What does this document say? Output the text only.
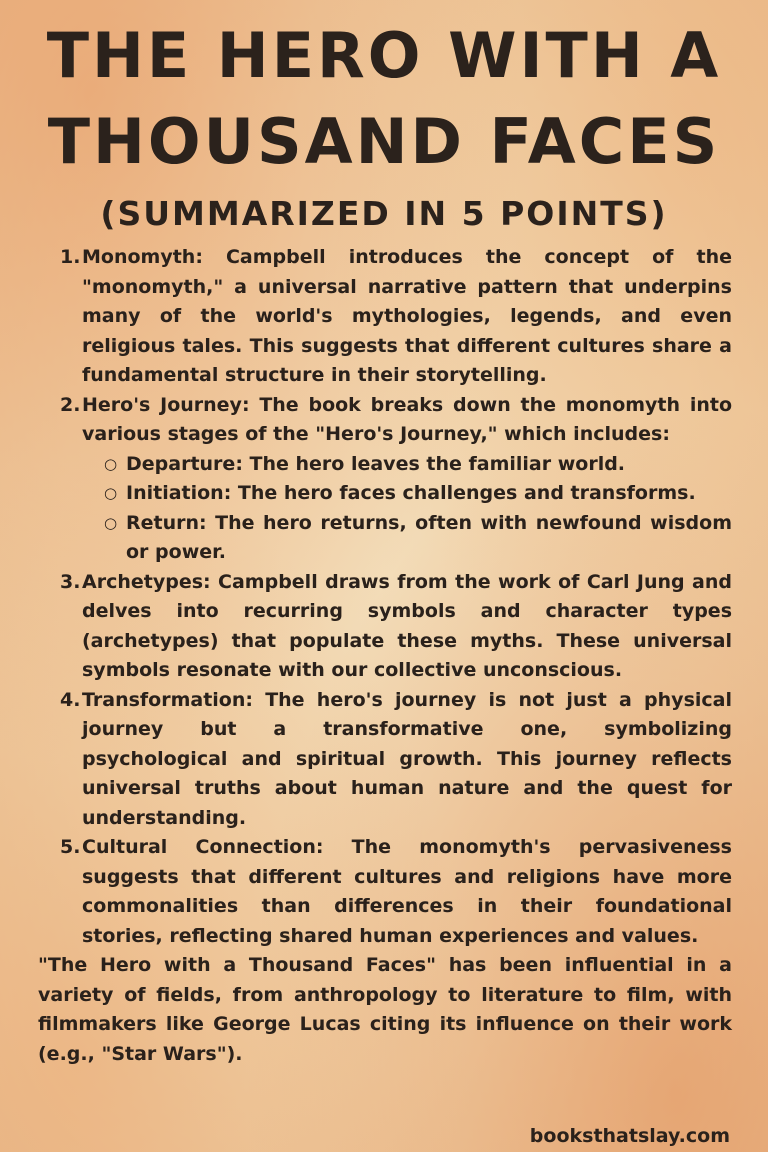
THE HERO WITH A
THOUSAND FACES
(SUMMARIZED IN 5 POINTS)
1. Monomyth: Campbell introduces the concept of the "monomyth," a universal narrative pattern that underpins many of the world's mythologies, legends, and even religious tales. This suggests that different cultures share a fundamental structure in their storytelling.
2. Hero's Journey: The book breaks down the monomyth into various stages of the "Hero's Journey," which includes:
○ Departure: The hero leaves the familiar world.
○ Initiation: The hero faces challenges and transforms.
○ Return: The hero returns, often with newfound wisdom or power.
3. Archetypes: Campbell draws from the work of Carl Jung and delves into recurring symbols and character types (archetypes) that populate these myths. These universal symbols resonate with our collective unconscious.
4. Transformation: The hero's journey is not just a physical journey but a transformative one, symbolizing psychological and spiritual growth. This journey reflects universal truths about human nature and the quest for understanding.
5. Cultural Connection: The monomyth's pervasiveness suggests that different cultures and religions have more commonalities than differences in their foundational stories, reflecting shared human experiences and values.

"The Hero with a Thousand Faces" has been influential in a variety of fields, from anthropology to literature to film, with filmmakers like George Lucas citing its influence on their work (e.g., "Star Wars").

booksthatslay.com
